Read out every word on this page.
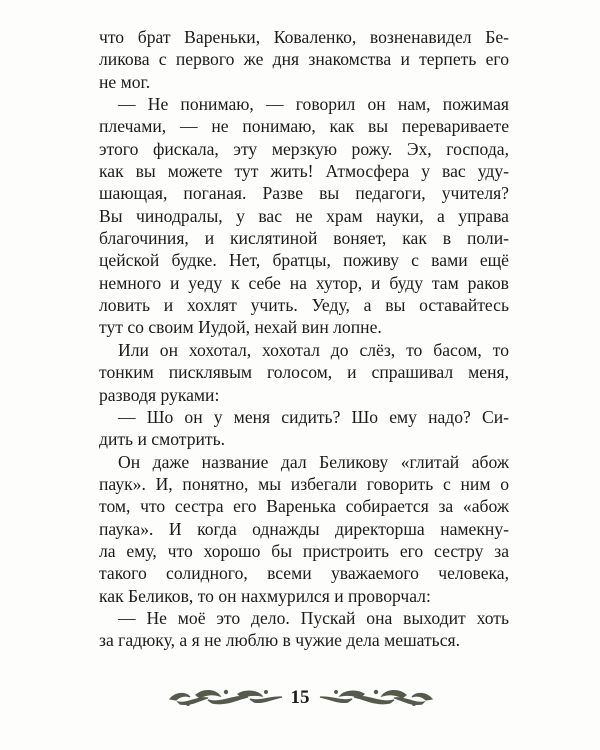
что брат Вареньки, Коваленко, возненавидел Бе-
ликова с первого же дня знакомства и терпеть его
не мог.
— Не понимаю, — говорил он нам, пожимая
плечами, — не понимаю, как вы перевариваете
этого фискала, эту мерзкую рожу. Эх, господа,
как вы можете тут жить! Атмосфера у вас уду-
шающая, поганая. Разве вы педагоги, учителя?
Вы чинодралы, у вас не храм науки, а управа
благочиния, и кислятиной воняет, как в поли-
цейской будке. Нет, братцы, поживу с вами ещё
немного и уеду к себе на хутор, и буду там раков
ловить и хохлят учить. Уеду, а вы оставайтесь
тут со своим Иудой, нехай вин лопне.
Или он хохотал, хохотал до слёз, то басом, то
тонким писклявым голосом, и спрашивал меня,
разводя руками:
— Шо он у меня сидить? Шо ему надо? Си-
дить и смотрить.
Он даже название дал Беликову «глитай абож
паук». И, понятно, мы избегали говорить с ним о
том, что сестра его Варенька собирается за «абож
паука». И когда однажды директорша намекну-
ла ему, что хорошо бы пристроить его сестру за
такого солидного, всеми уважаемого человека,
как Беликов, то он нахмурился и проворчал:
— Не моё это дело. Пускай она выходит хоть
за гадюку, а я не люблю в чужие дела мешаться.
15
